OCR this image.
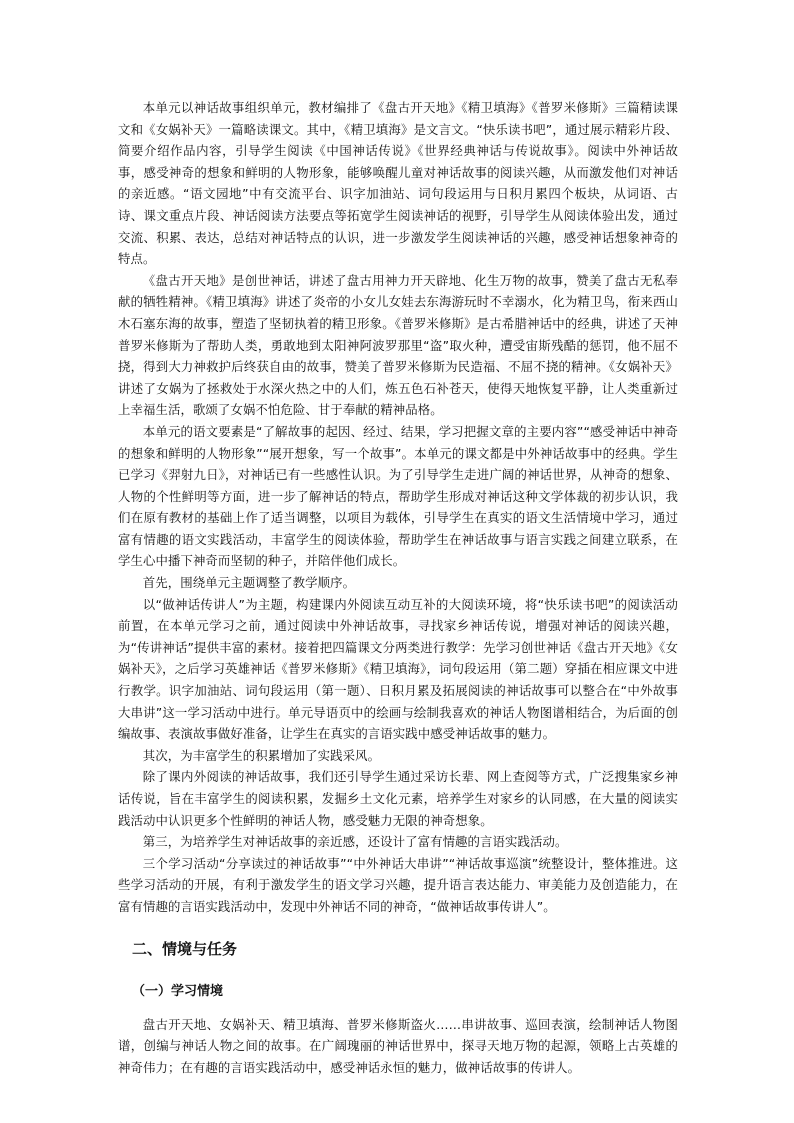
本单元以神话故事组织单元，教材编排了《盘古开天地》《精卫填海》《普罗米修斯》三篇精读课文和《女娲补天》一篇略读课文。其中，《精卫填海》是文言文。“快乐读书吧”，通过展示精彩片段、简要介绍作品内容，引导学生阅读《中国神话传说》《世界经典神话与传说故事》。阅读中外神话故事，感受神奇的想象和鲜明的人物形象，能够唤醒儿童对神话故事的阅读兴趣，从而激发他们对神话的亲近感。“语文园地”中有交流平台、识字加油站、词句段运用与日积月累四个板块，从词语、古诗、课文重点片段、神话阅读方法要点等拓宽学生阅读神话的视野，引导学生从阅读体验出发，通过交流、积累、表达，总结对神话特点的认识，进一步激发学生阅读神话的兴趣，感受神话想象神奇的特点。

《盘古开天地》是创世神话，讲述了盘古用神力开天辟地、化生万物的故事，赞美了盘古无私奉献的牺牲精神。《精卫填海》讲述了炎帝的小女儿女娃去东海游玩时不幸溺水，化为精卫鸟，衔来西山木石塞东海的故事，塑造了坚韧执着的精卫形象。《普罗米修斯》是古希腊神话中的经典，讲述了天神普罗米修斯为了帮助人类，勇敢地到太阳神阿波罗那里“盗”取火种，遭受宙斯残酷的惩罚，他不屈不挠，得到大力神救护后终获自由的故事，赞美了普罗米修斯为民造福、不屈不挠的精神。《女娲补天》讲述了女娲为了拯救处于水深火热之中的人们，炼五色石补苍天，使得天地恢复平静，让人类重新过上幸福生活，歌颂了女娲不怕危险、甘于奉献的精神品格。

本单元的语文要素是“了解故事的起因、经过、结果，学习把握文章的主要内容”“感受神话中神奇的想象和鲜明的人物形象”“展开想象，写一个故事”。本单元的课文都是中外神话故事中的经典。学生已学习《羿射九日》，对神话已有一些感性认识。为了引导学生走进广阔的神话世界，从神奇的想象、人物的个性鲜明等方面，进一步了解神话的特点，帮助学生形成对神话这种文学体裁的初步认识，我们在原有教材的基础上作了适当调整，以项目为载体，引导学生在真实的语文生活情境中学习，通过富有情趣的语文实践活动，丰富学生的阅读体验，帮助学生在神话故事与语言实践之间建立联系，在学生心中播下神奇而坚韧的种子，并陪伴他们成长。

首先，围绕单元主题调整了教学顺序。

以“做神话传讲人”为主题，构建课内外阅读互动互补的大阅读环境，将“快乐读书吧”的阅读活动前置，在本单元学习之前，通过阅读中外神话故事，寻找家乡神话传说，增强对神话的阅读兴趣，为“传讲神话”提供丰富的素材。接着把四篇课文分两类进行教学：先学习创世神话《盘古开天地》《女娲补天》，之后学习英雄神话《普罗米修斯》《精卫填海》，词句段运用（第二题）穿插在相应课文中进行教学。识字加油站、词句段运用（第一题）、日积月累及拓展阅读的神话故事可以整合在“中外故事大串讲”这一学习活动中进行。单元导语页中的绘画与绘制我喜欢的神话人物图谱相结合，为后面的创编故事、表演故事做好准备，让学生在真实的言语实践中感受神话故事的魅力。

其次，为丰富学生的积累增加了实践采风。

除了课内外阅读的神话故事，我们还引导学生通过采访长辈、网上查阅等方式，广泛搜集家乡神话传说，旨在丰富学生的阅读积累，发掘乡土文化元素，培养学生对家乡的认同感，在大量的阅读实践活动中认识更多个性鲜明的神话人物，感受魅力无限的神奇想象。

第三，为培养学生对神话故事的亲近感，还设计了富有情趣的言语实践活动。

三个学习活动“分享读过的神话故事”“中外神话大串讲”“神话故事巡演”统整设计，整体推进。这些学习活动的开展，有利于激发学生的语文学习兴趣，提升语言表达能力、审美能力及创造能力，在富有情趣的言语实践活动中，发现中外神话不同的神奇，“做神话故事传讲人”。

二、情境与任务
（一）学习情境

盘古开天地、女娲补天、精卫填海、普罗米修斯盗火……串讲故事、巡回表演，绘制神话人物图谱，创编与神话人物之间的故事。在广阔瑰丽的神话世界中，探寻天地万物的起源，领略上古英雄的神奇伟力；在有趣的言语实践活动中，感受神话永恒的魅力，做神话故事的传讲人。
